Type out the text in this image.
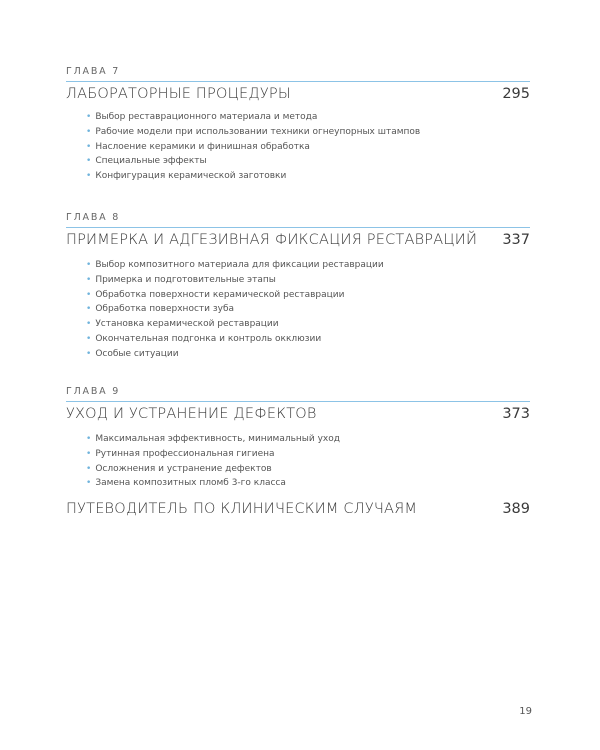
ГЛАВА 7
ЛАБОРАТОРНЫЕ ПРОЦЕДУРЫ	295
• Выбор реставрационного материала и метода
• Рабочие модели при использовании техники огнеупорных штампов
• Наслоение керамики и финишная обработка
• Специальные эффекты
• Конфигурация керамической заготовки
ГЛАВА 8
ПРИМЕРКА И АДГЕЗИВНАЯ ФИКСАЦИЯ РЕСТАВРАЦИЙ 337
• Выбор композитного материала для фиксации реставрации
• Примерка и подготовительные этапы
• Обработка поверхности керамической реставрации
• Обработка поверхности зуба
• Установка керамической реставрации
• Окончательная подгонка и контроль окклюзии
• Особые ситуации
ГЛАВА 9
УХОД И УСТРАНЕНИЕ ДЕФЕКТОВ	373
• Максимальная эффективность, минимальный уход
• Рутинная профессиональная гигиена
• Осложнения и устранение дефектов
• Замена композитных пломб 3-го класса
ПУТЕВОДИТЕЛЬ ПО КЛИНИЧЕСКИМ СЛУЧАЯМ	389
19
